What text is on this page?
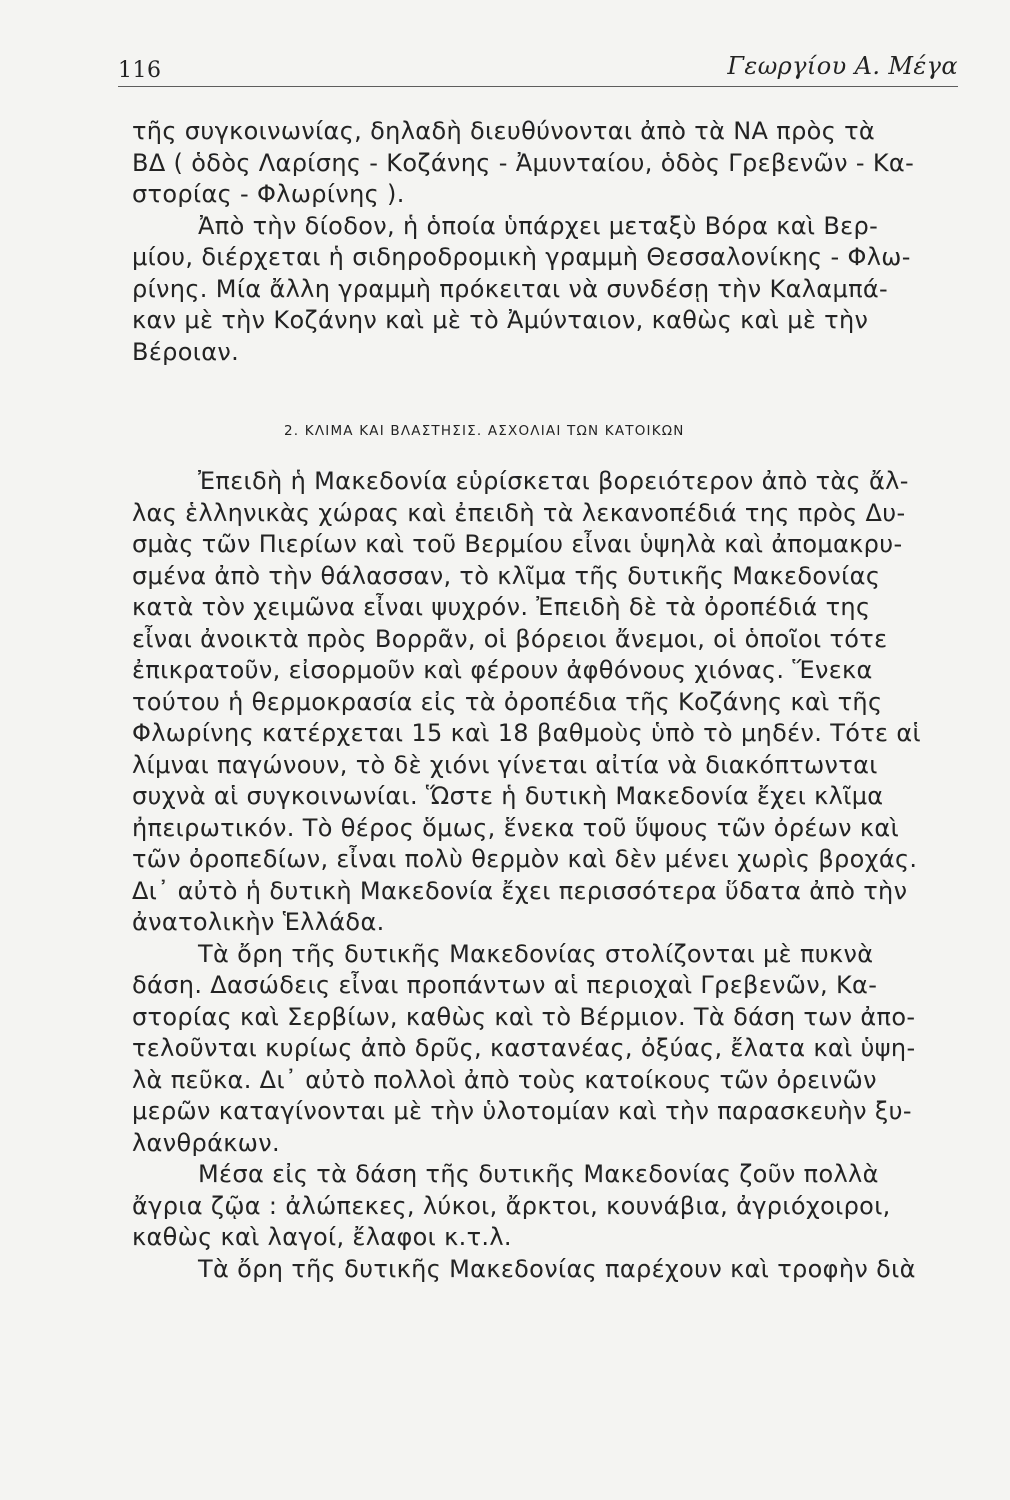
116	Γεωργίου Α. Μέγα

τῆς συγκοινωνίας, δηλαδὴ διευθύνονται ἀπὸ τὰ ΝΑ πρὸς τὰ
ΒΔ ( ὁδὸς Λαρίσης - Κοζάνης - Ἀμυνταίου, ὁδὸς Γρεβενῶν - Κα-
στορίας - Φλωρίνης ).

Ἀπὸ τὴν δίοδον, ἡ ὁποία ὑπάρχει μεταξὺ Βόρα καὶ Βερ-
μίου, διέρχεται ἡ σιδηροδρομικὴ γραμμὴ Θεσσαλονίκης - Φλω-
ρίνης. Μία ἄλλη γραμμὴ πρόκειται νὰ συνδέσῃ τὴν Καλαμπά-
καν μὲ τὴν Κοζάνην καὶ μὲ τὸ Ἀμύνταιον, καθὼς καὶ μὲ τὴν
Βέροιαν.

2. ΚΛΙΜΑ ΚΑΙ ΒΛΑΣΤΗΣΙΣ. ΑΣΧΟΛΙΑΙ ΤΩΝ ΚΑΤΟΙΚΩΝ

Ἐπειδὴ ἡ Μακεδονία εὑρίσκεται βορειότερον ἀπὸ τὰς ἄλ-
λας ἑλληνικὰς χώρας καὶ ἐπειδὴ τὰ λεκανοπέδιά της πρὸς Δυ-
σμὰς τῶν Πιερίων καὶ τοῦ Βερμίου εἶναι ὑψηλὰ καὶ ἀπομακρυ-
σμένα ἀπὸ τὴν θάλασσαν, τὸ κλῖμα τῆς δυτικῆς Μακεδονίας
κατὰ τὸν χειμῶνα εἶναι ψυχρόν. Ἐπειδὴ δὲ τὰ ὀροπέδιά της
εἶναι ἀνοικτὰ πρὸς Βορρᾶν, οἱ βόρειοι ἄνεμοι, οἱ ὁποῖοι τότε
ἐπικρατοῦν, εἰσορμοῦν καὶ φέρουν ἀφθόνους χιόνας. Ἕνεκα
τούτου ἡ θερμοκρασία εἰς τὰ ὀροπέδια τῆς Κοζάνης καὶ τῆς
Φλωρίνης κατέρχεται 15 καὶ 18 βαθμοὺς ὑπὸ τὸ μηδέν. Τότε αἱ
λίμναι παγώνουν, τὸ δὲ χιόνι γίνεται αἰτία νὰ διακόπτωνται
συχνὰ αἱ συγκοινωνίαι. Ὥστε ἡ δυτικὴ Μακεδονία ἔχει κλῖμα
ἠπειρωτικόν. Τὸ θέρος ὅμως, ἕνεκα τοῦ ὕψους τῶν ὀρέων καὶ
τῶν ὀροπεδίων, εἶναι πολὺ θερμὸν καὶ δὲν μένει χωρὶς βροχάς.
Δι᾽ αὐτὸ ἡ δυτικὴ Μακεδονία ἔχει περισσότερα ὕδατα ἀπὸ τὴν
ἀνατολικὴν Ἑλλάδα.

Τὰ ὄρη τῆς δυτικῆς Μακεδονίας στολίζονται μὲ πυκνὰ
δάση. Δασώδεις εἶναι προπάντων αἱ περιοχαὶ Γρεβενῶν, Κα-
στορίας καὶ Σερβίων, καθὼς καὶ τὸ Βέρμιον. Τὰ δάση των ἀπο-
τελοῦνται κυρίως ἀπὸ δρῦς, καστανέας, ὀξύας, ἔλατα καὶ ὑψη-
λὰ πεῦκα. Δι᾽ αὐτὸ πολλοὶ ἀπὸ τοὺς κατοίκους τῶν ὀρεινῶν
μερῶν καταγίνονται μὲ τὴν ὑλοτομίαν καὶ τὴν παρασκευὴν ξυ-
λανθράκων.

Μέσα εἰς τὰ δάση τῆς δυτικῆς Μακεδονίας ζοῦν πολλὰ
ἄγρια ζῷα : ἀλώπεκες, λύκοι, ἄρκτοι, κουνάβια, ἀγριόχοιροι,
καθὼς καὶ λαγοί, ἔλαφοι κ.τ.λ.

Τὰ ὄρη τῆς δυτικῆς Μακεδονίας παρέχουν καὶ τροφὴν διὰ
